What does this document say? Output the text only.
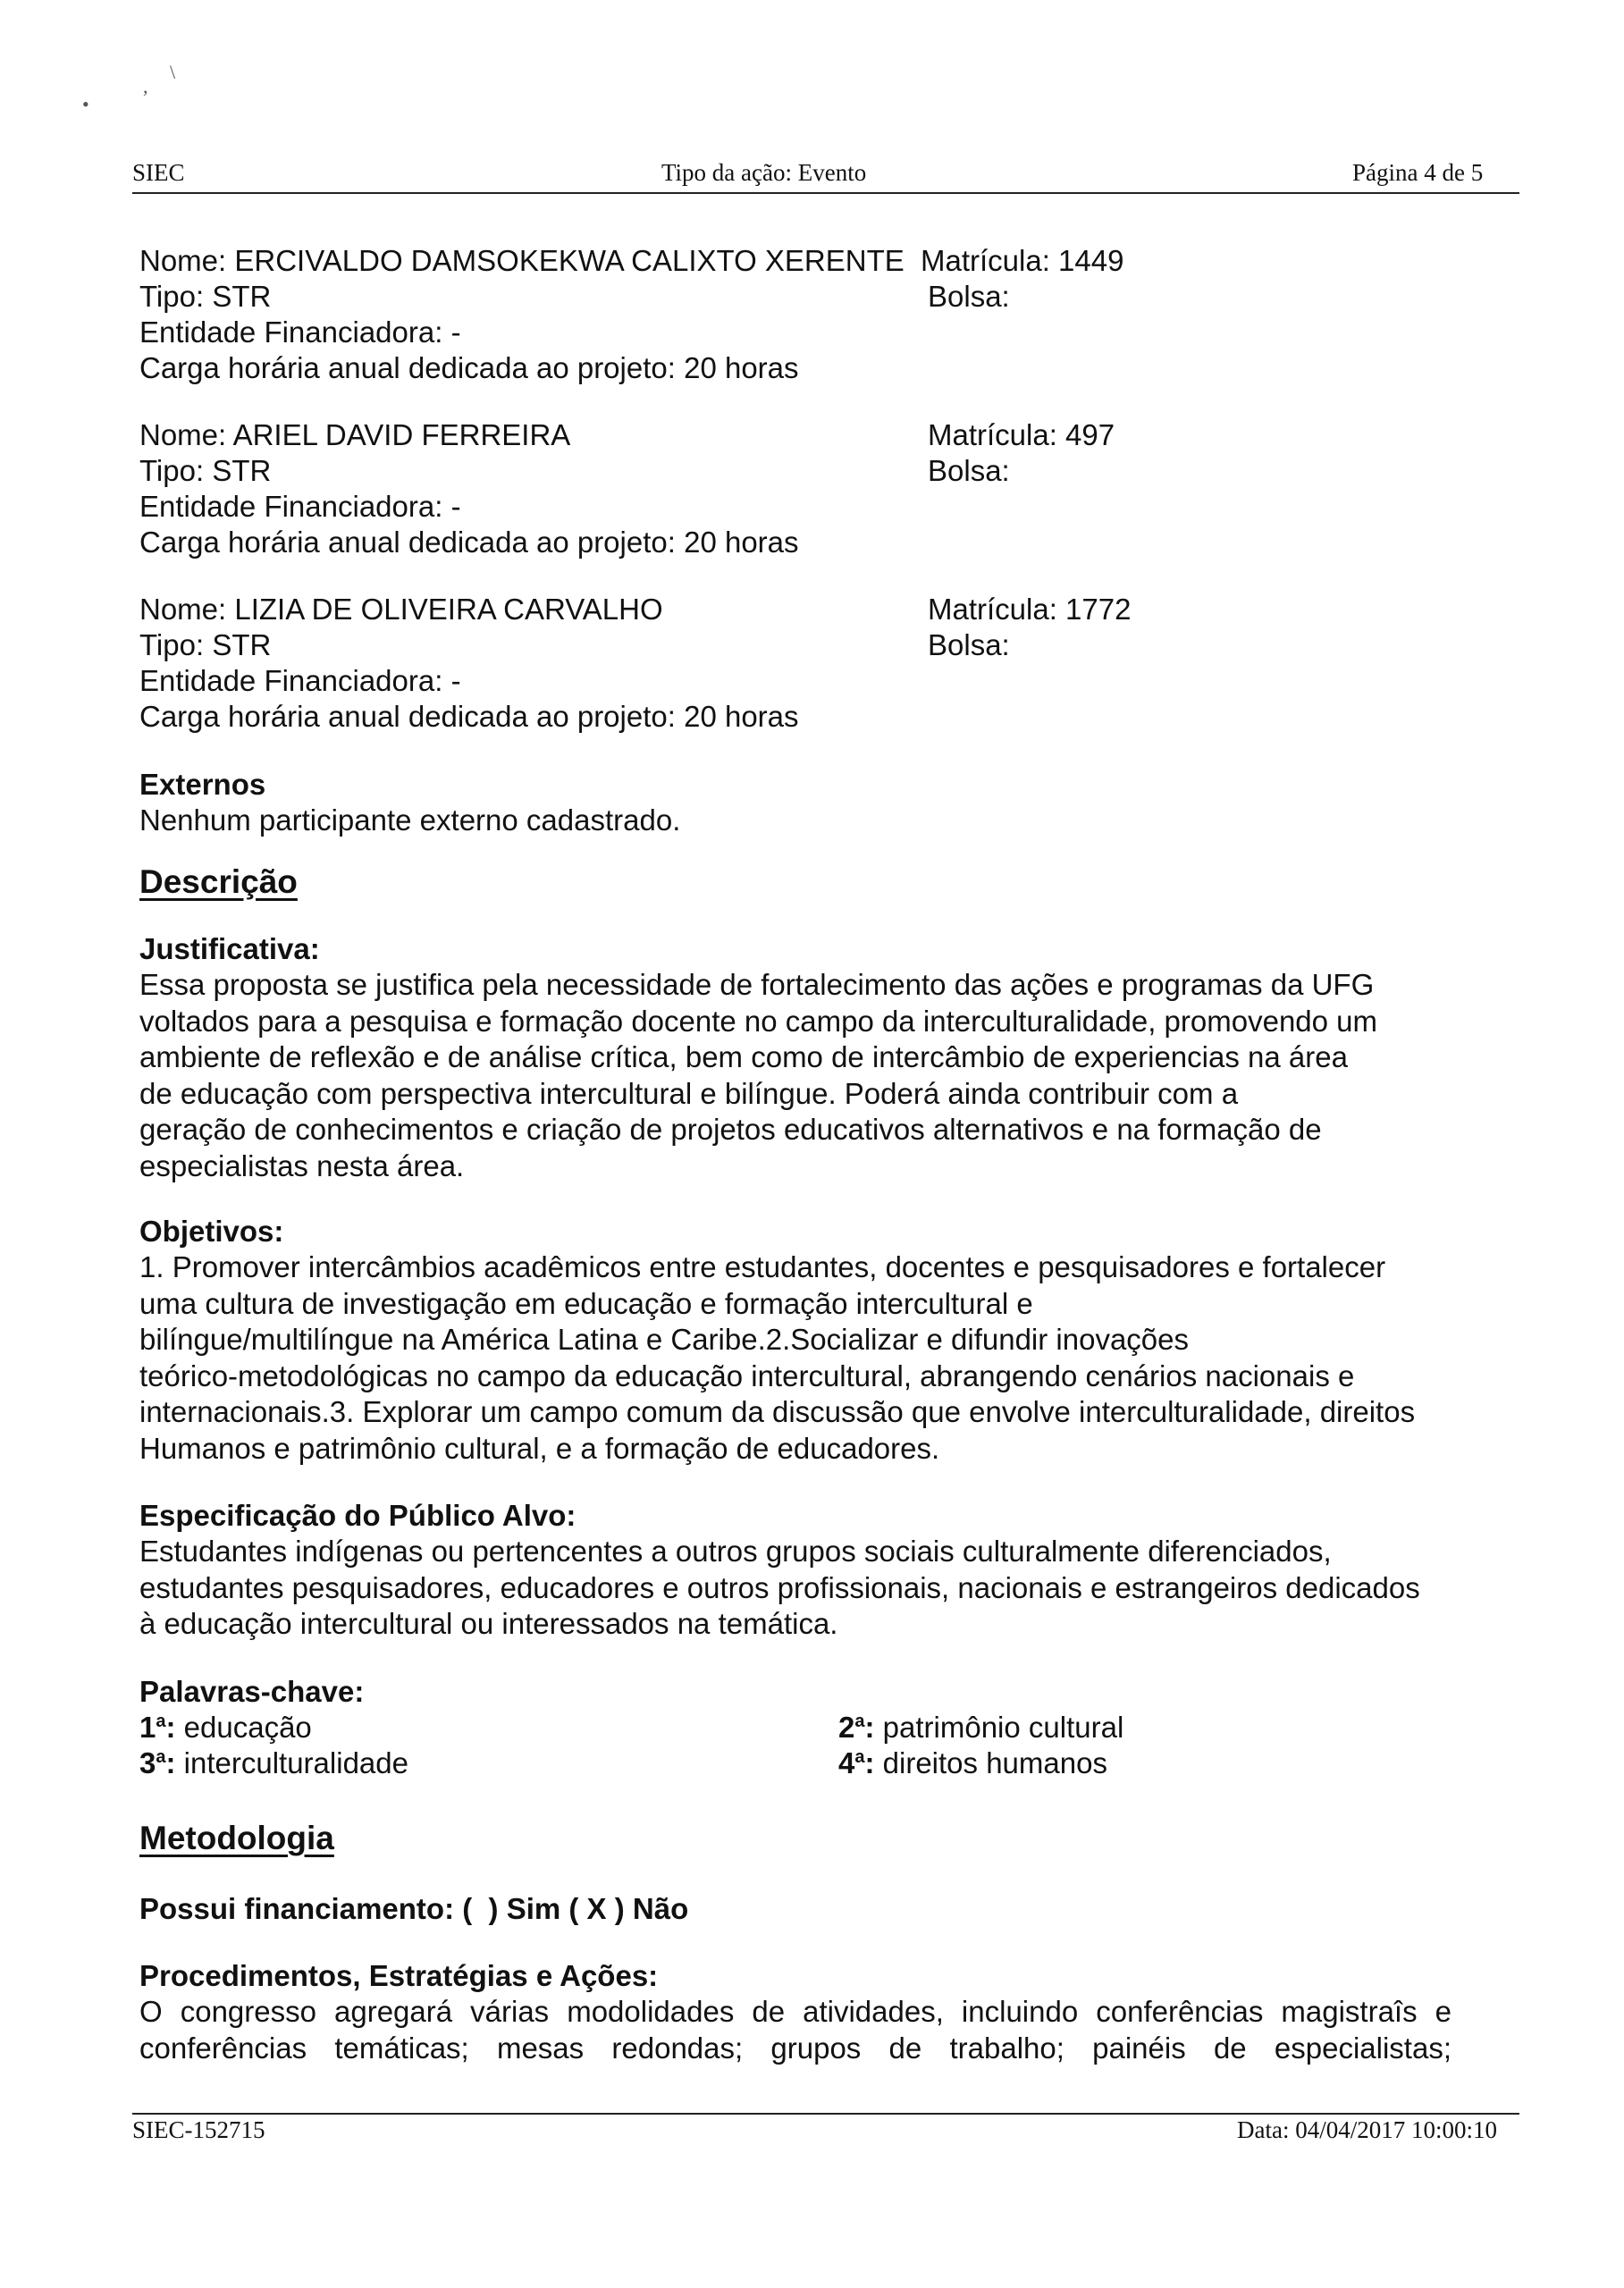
•
,
\
SIEC	Tipo da ação: Evento	Página 4 de 5
Nome: ERCIVALDO DAMSOKEKWA CALIXTO XERENTE Matrícula: 1449
Tipo: STR	Bolsa:
Entidade Financiadora: -
Carga horária anual dedicada ao projeto: 20 horas
Nome: ARIEL DAVID FERREIRA	Matrícula: 497
Tipo: STR	Bolsa:
Entidade Financiadora: -
Carga horária anual dedicada ao projeto: 20 horas
Nome: LIZIA DE OLIVEIRA CARVALHO	Matrícula: 1772
Tipo: STR	Bolsa:
Entidade Financiadora: -
Carga horária anual dedicada ao projeto: 20 horas
Externos
Nenhum participante externo cadastrado.
Descrição
Justificativa:
Essa proposta se justifica pela necessidade de fortalecimento das ações e programas da UFG
voltados para a pesquisa e formação docente no campo da interculturalidade, promovendo um
ambiente de reflexão e de análise crítica, bem como de intercâmbio de experiencias na área
de educação com perspectiva intercultural e bilíngue. Poderá ainda contribuir com a
geração de conhecimentos e criação de projetos educativos alternativos e na formação de
especialistas nesta área.
Objetivos:
1. Promover intercâmbios acadêmicos entre estudantes, docentes e pesquisadores e fortalecer
uma cultura de investigação em educação e formação intercultural e
bilíngue/multilíngue na América Latina e Caribe.2.Socializar e difundir inovações
teórico-metodológicas no campo da educação intercultural, abrangendo cenários nacionais e
internacionais.3. Explorar um campo comum da discussão que envolve interculturalidade, direitos
Humanos e patrimônio cultural, e a formação de educadores.
Especificação do Público Alvo:
Estudantes indígenas ou pertencentes a outros grupos sociais culturalmente diferenciados,
estudantes pesquisadores, educadores e outros profissionais, nacionais e estrangeiros dedicados
à educação intercultural ou interessados na temática.
Palavras-chave:
1$^a$: educação	2$^a$: patrimônio cultural
3$^a$: interculturalidade	4$^a$: direitos humanos
Metodologia
Possui financiamento: (  ) Sim ( X ) Não
Procedimentos, Estratégias e Ações:
O congresso agregará várias modolidades de atividades, incluindo conferências magistraîs e
conferências temáticas; mesas redondas; grupos de trabalho; painéis de especialistas;
SIEC-152715	Data: 04/04/2017 10:00:10
